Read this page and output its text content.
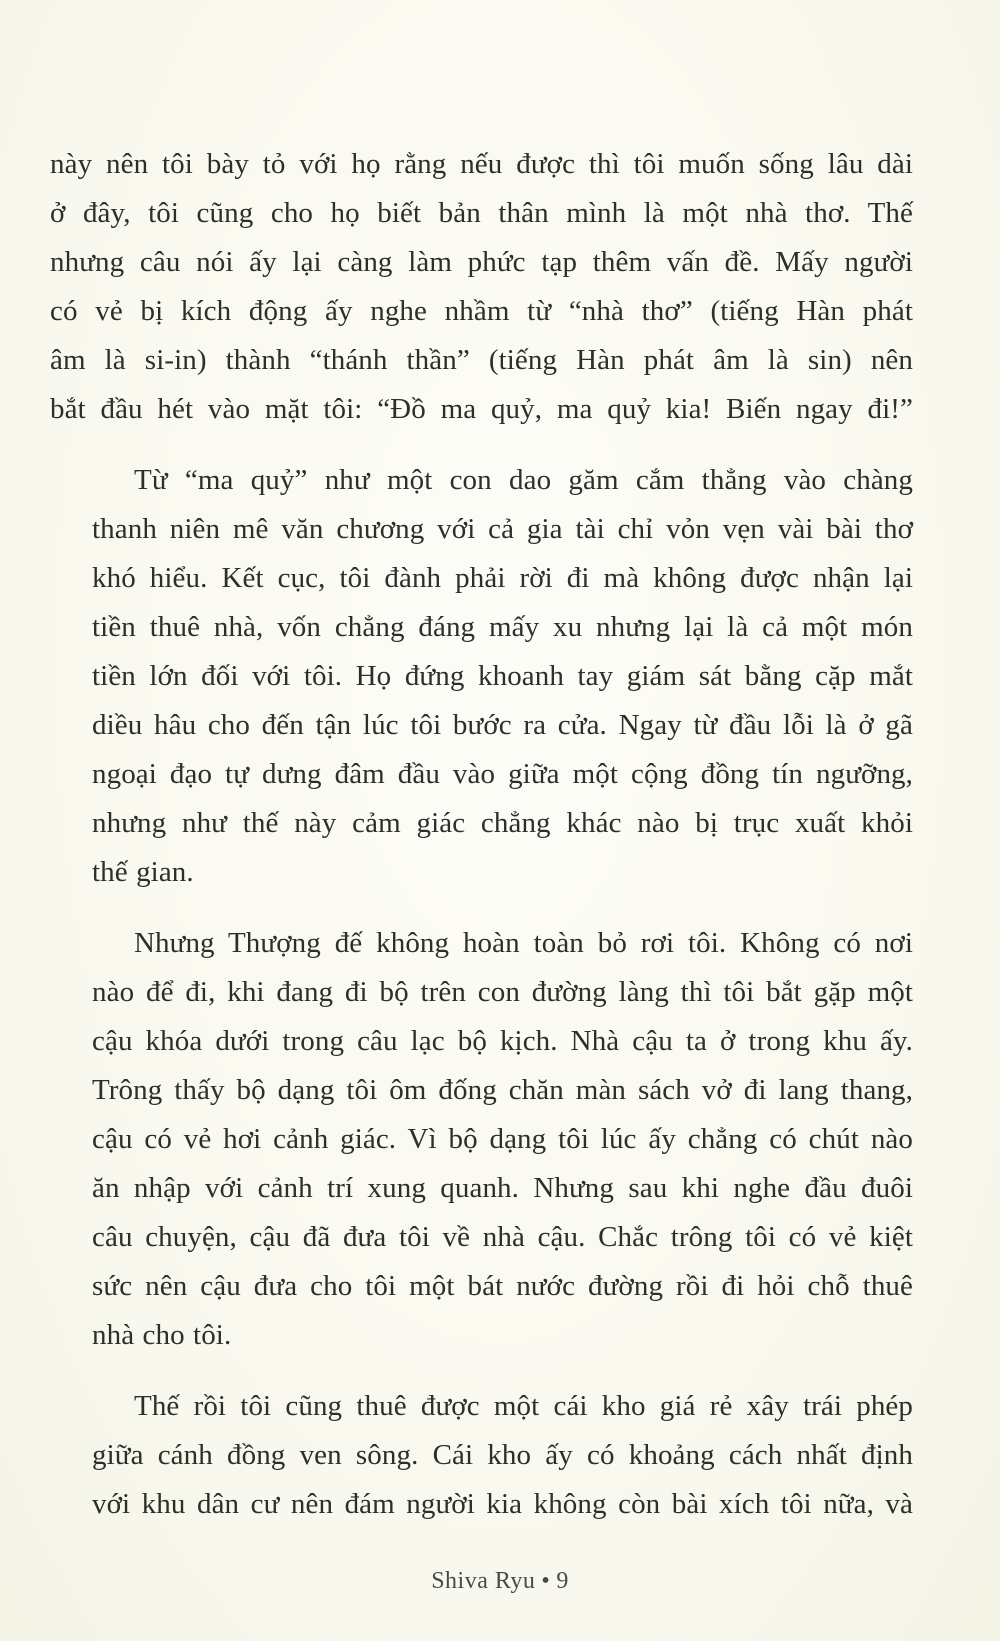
này nên tôi bày tỏ với họ rằng nếu được thì tôi muốn sống lâu dài
ở đây, tôi cũng cho họ biết bản thân mình là một nhà thơ. Thế
nhưng câu nói ấy lại càng làm phức tạp thêm vấn đề. Mấy người
có vẻ bị kích động ấy nghe nhầm từ “nhà thơ” (tiếng Hàn phát
âm là si-in) thành “thánh thần” (tiếng Hàn phát âm là sin) nên
bắt đầu hét vào mặt tôi: “Đồ ma quỷ, ma quỷ kia! Biến ngay đi!”
Từ “ma quỷ” như một con dao găm cắm thẳng vào chàng
thanh niên mê văn chương với cả gia tài chỉ vỏn vẹn vài bài thơ
khó hiểu. Kết cục, tôi đành phải rời đi mà không được nhận lại
tiền thuê nhà, vốn chẳng đáng mấy xu nhưng lại là cả một món
tiền lớn đối với tôi. Họ đứng khoanh tay giám sát bằng cặp mắt
diều hâu cho đến tận lúc tôi bước ra cửa. Ngay từ đầu lỗi là ở gã
ngoại đạo tự dưng đâm đầu vào giữa một cộng đồng tín ngưỡng,
nhưng như thế này cảm giác chẳng khác nào bị trục xuất khỏi
thế gian.
Nhưng Thượng đế không hoàn toàn bỏ rơi tôi. Không có nơi
nào để đi, khi đang đi bộ trên con đường làng thì tôi bắt gặp một
cậu khóa dưới trong câu lạc bộ kịch. Nhà cậu ta ở trong khu ấy.
Trông thấy bộ dạng tôi ôm đống chăn màn sách vở đi lang thang,
cậu có vẻ hơi cảnh giác. Vì bộ dạng tôi lúc ấy chẳng có chút nào
ăn nhập với cảnh trí xung quanh. Nhưng sau khi nghe đầu đuôi
câu chuyện, cậu đã đưa tôi về nhà cậu. Chắc trông tôi có vẻ kiệt
sức nên cậu đưa cho tôi một bát nước đường rồi đi hỏi chỗ thuê
nhà cho tôi.
Thế rồi tôi cũng thuê được một cái kho giá rẻ xây trái phép
giữa cánh đồng ven sông. Cái kho ấy có khoảng cách nhất định
với khu dân cư nên đám người kia không còn bài xích tôi nữa, và
Shiva Ryu • 9
